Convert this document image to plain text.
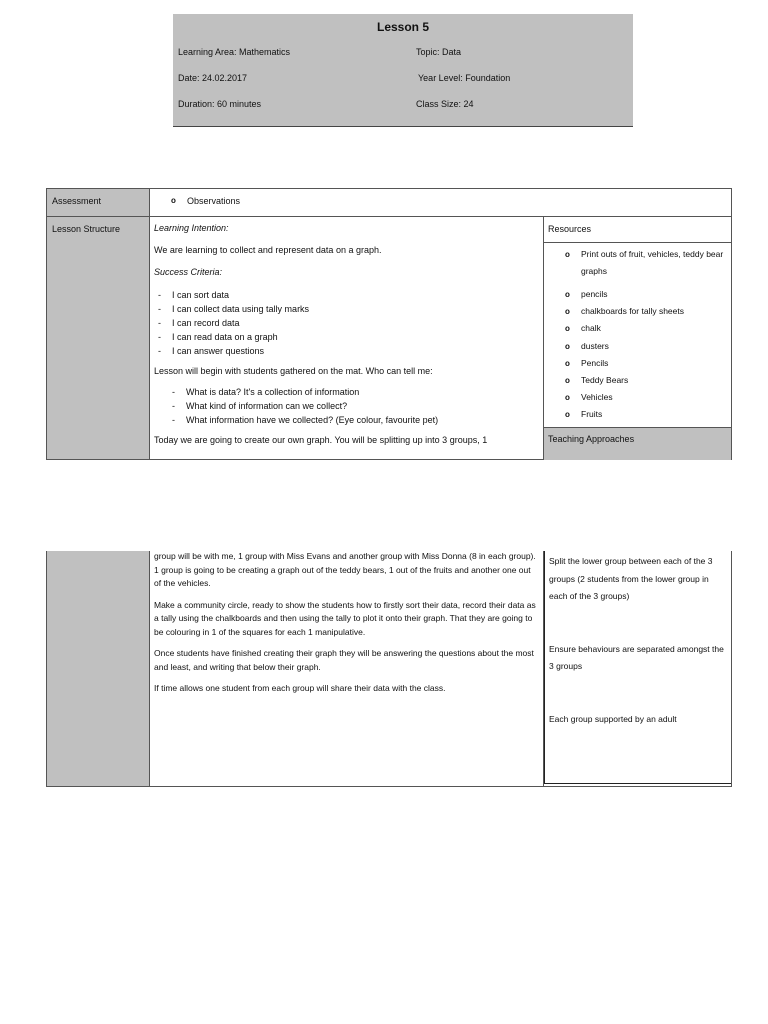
Lesson 5
Learning Area: Mathematics	Topic: Data
Date: 24.02.2017	Year Level: Foundation
Duration: 60 minutes	Class Size: 24
Assessment
o	Observations
Lesson Structure	Learning Intention:

We are learning to collect and represent data on a graph.

Success Criteria:

- I can sort data
- I can collect data using tally marks
- I can record data
- I can read data on a graph
- I can answer questions

Lesson will begin with students gathered on the mat. Who can tell me:

- What is data? It's a collection of information
- What kind of information can we collect?
- What information have we collected? (Eye colour, favourite pet)

Today we are going to create our own graph. You will be splitting up into 3 groups, 1

Resources
o Print outs of fruit, vehicles, teddy bear graphs
o pencils
o chalkboards for tally sheets
o chalk
o dusters
o Pencils
o Teddy Bears
o Vehicles
o Fruits
Teaching Approaches

group will be with me, 1 group with Miss Evans and another group with Miss Donna (8 in each group). 1 group is going to be creating a graph out of the teddy bears, 1 out of the fruits and another one out of the vehicles.

Make a community circle, ready to show the students how to firstly sort their data, record their data as a tally using the chalkboards and then using the tally to plot it onto their graph. That they are going to be colouring in 1 of the squares for each 1 manipulative.

Once students have finished creating their graph they will be answering the questions about the most and least, and writing that below their graph.

If time allows one student from each group will share their data with the class.

Split the lower group between each of the 3 groups (2 students from the lower group in each of the 3 groups)

Ensure behaviours are separated amongst the 3 groups

Each group supported by an adult
